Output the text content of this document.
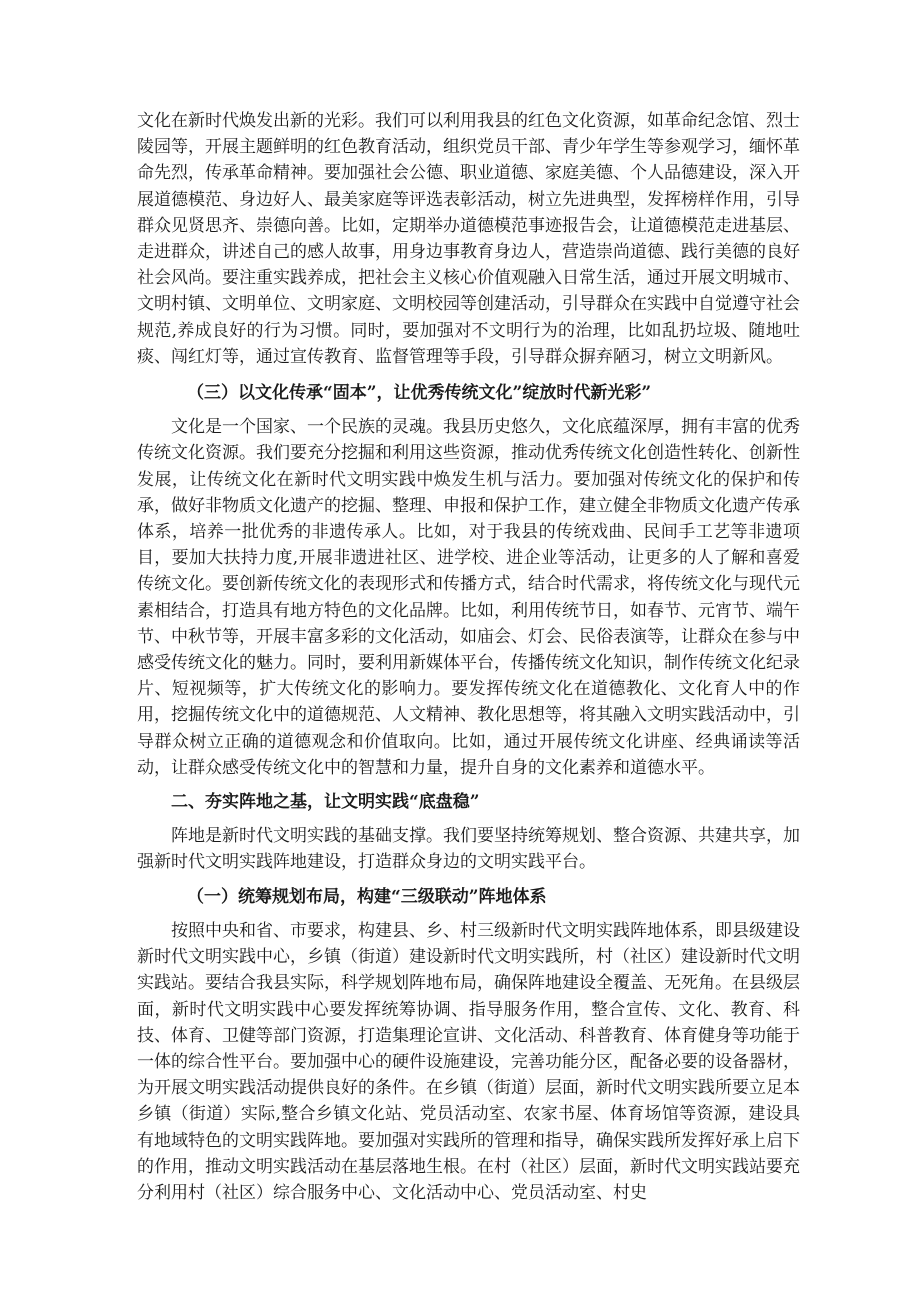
文化在新时代焕发出新的光彩。我们可以利用我县的红色文化资源，如革命纪念馆、烈士陵园等，开展主题鲜明的红色教育活动，组织党员干部、青少年学生等参观学习，缅怀革命先烈，传承革命精神。要加强社会公德、职业道德、家庭美德、个人品德建设，深入开展道德模范、身边好人、最美家庭等评选表彰活动，树立先进典型，发挥榜样作用，引导群众见贤思齐、崇德向善。比如，定期举办道德模范事迹报告会，让道德模范走进基层、走进群众，讲述自己的感人故事，用身边事教育身边人，营造崇尚道德、践行美德的良好社会风尚。要注重实践养成，把社会主义核心价值观融入日常生活，通过开展文明城市、文明村镇、文明单位、文明家庭、文明校园等创建活动，引导群众在实践中自觉遵守社会规范,养成良好的行为习惯。同时，要加强对不文明行为的治理，比如乱扔垃圾、随地吐痰、闯红灯等，通过宣传教育、监督管理等手段，引导群众摒弃陋习，树立文明新风。

（三）以文化传承“固本”，让优秀传统文化”绽放时代新光彩”

文化是一个国家、一个民族的灵魂。我县历史悠久，文化底蕴深厚，拥有丰富的优秀传统文化资源。我们要充分挖掘和利用这些资源，推动优秀传统文化创造性转化、创新性发展，让传统文化在新时代文明实践中焕发生机与活力。要加强对传统文化的保护和传承，做好非物质文化遗产的挖掘、整理、申报和保护工作，建立健全非物质文化遗产传承体系，培养一批优秀的非遗传承人。比如，对于我县的传统戏曲、民间手工艺等非遗项目，要加大扶持力度,开展非遗进社区、进学校、进企业等活动，让更多的人了解和喜爱传统文化。要创新传统文化的表现形式和传播方式，结合时代需求，将传统文化与现代元素相结合，打造具有地方特色的文化品牌。比如，利用传统节日，如春节、元宵节、端午节、中秋节等，开展丰富多彩的文化活动，如庙会、灯会、民俗表演等，让群众在参与中感受传统文化的魅力。同时，要利用新媒体平台，传播传统文化知识，制作传统文化纪录片、短视频等，扩大传统文化的影响力。要发挥传统文化在道德教化、文化育人中的作用，挖掘传统文化中的道德规范、人文精神、教化思想等，将其融入文明实践活动中，引导群众树立正确的道德观念和价值取向。比如，通过开展传统文化讲座、经典诵读等活动，让群众感受传统文化中的智慧和力量，提升自身的文化素养和道德水平。

二、夯实阵地之基，让文明实践“底盘稳”

阵地是新时代文明实践的基础支撑。我们要坚持统筹规划、整合资源、共建共享，加强新时代文明实践阵地建设，打造群众身边的文明实践平台。

（一）统筹规划布局，构建“三级联动”阵地体系

按照中央和省、市要求，构建县、乡、村三级新时代文明实践阵地体系，即县级建设新时代文明实践中心，乡镇（街道）建设新时代文明实践所，村（社区）建设新时代文明实践站。要结合我县实际，科学规划阵地布局，确保阵地建设全覆盖、无死角。在县级层面，新时代文明实践中心要发挥统筹协调、指导服务作用，整合宣传、文化、教育、科技、体育、卫健等部门资源，打造集理论宣讲、文化活动、科普教育、体育健身等功能于一体的综合性平台。要加强中心的硬件设施建设，完善功能分区，配备必要的设备器材，为开展文明实践活动提供良好的条件。在乡镇（街道）层面，新时代文明实践所要立足本乡镇（街道）实际,整合乡镇文化站、党员活动室、农家书屋、体育场馆等资源，建设具有地域特色的文明实践阵地。要加强对实践所的管理和指导，确保实践所发挥好承上启下的作用，推动文明实践活动在基层落地生根。在村（社区）层面，新时代文明实践站要充分利用村（社区）综合服务中心、文化活动中心、党员活动室、村史
